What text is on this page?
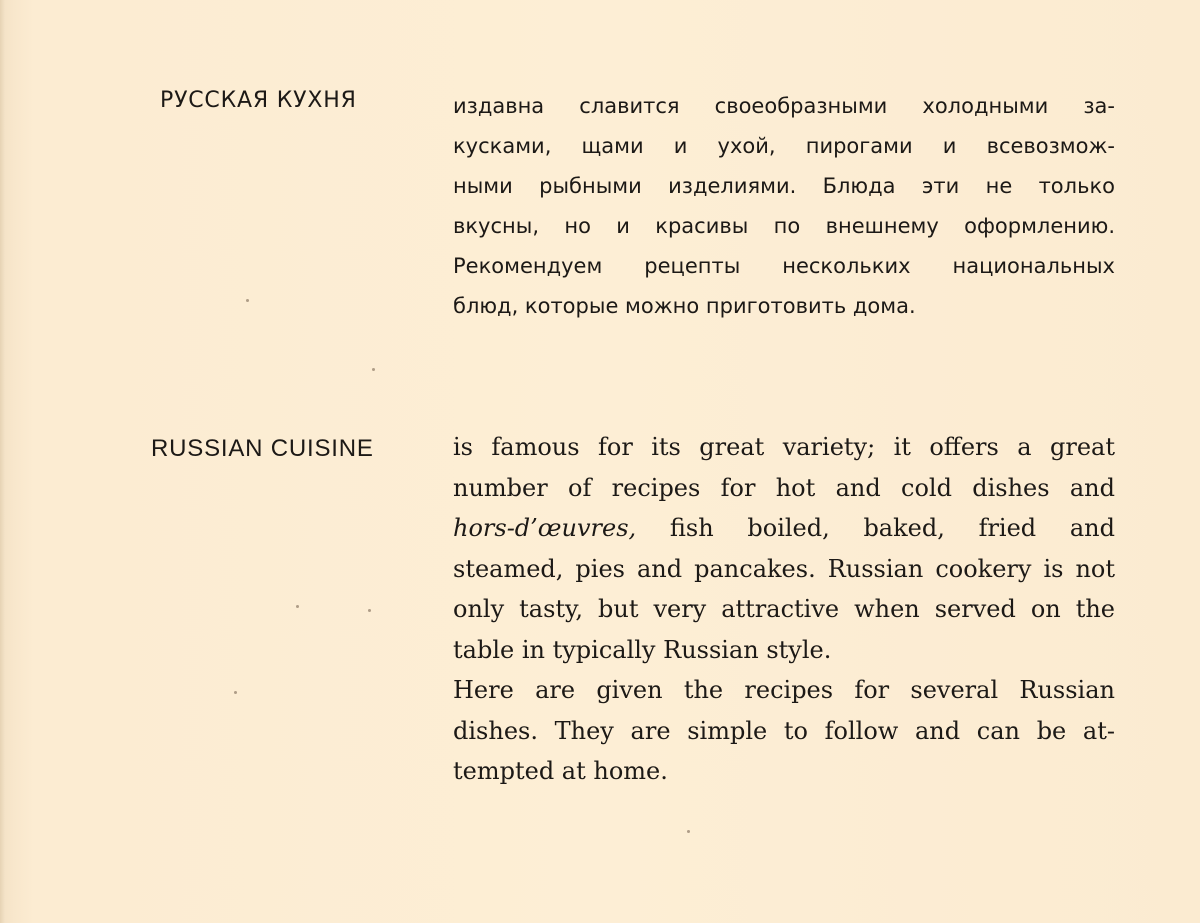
РУССКАЯ КУХНЯ	издавна славится своеобразными холодными за-
кусками, щами и ухой, пирогами и всевозмож-
ными рыбными изделиями. Блюда эти не только
вкусны, но и красивы по внешнему оформлению.
Рекомендуем рецепты нескольких национальных
блюд, которые можно приготовить дома.
RUSSIAN CUISINE	is famous for its great variety; it offers a great
number of recipes for hot and cold dishes and
hors-d’œuvres, fish boiled, baked, fried and
steamed, pies and pancakes. Russian cookery is not
only tasty, but very attractive when served on the
table in typically Russian style.
Here are given the recipes for several Russian
dishes. They are simple to follow and can be at-
tempted at home.
